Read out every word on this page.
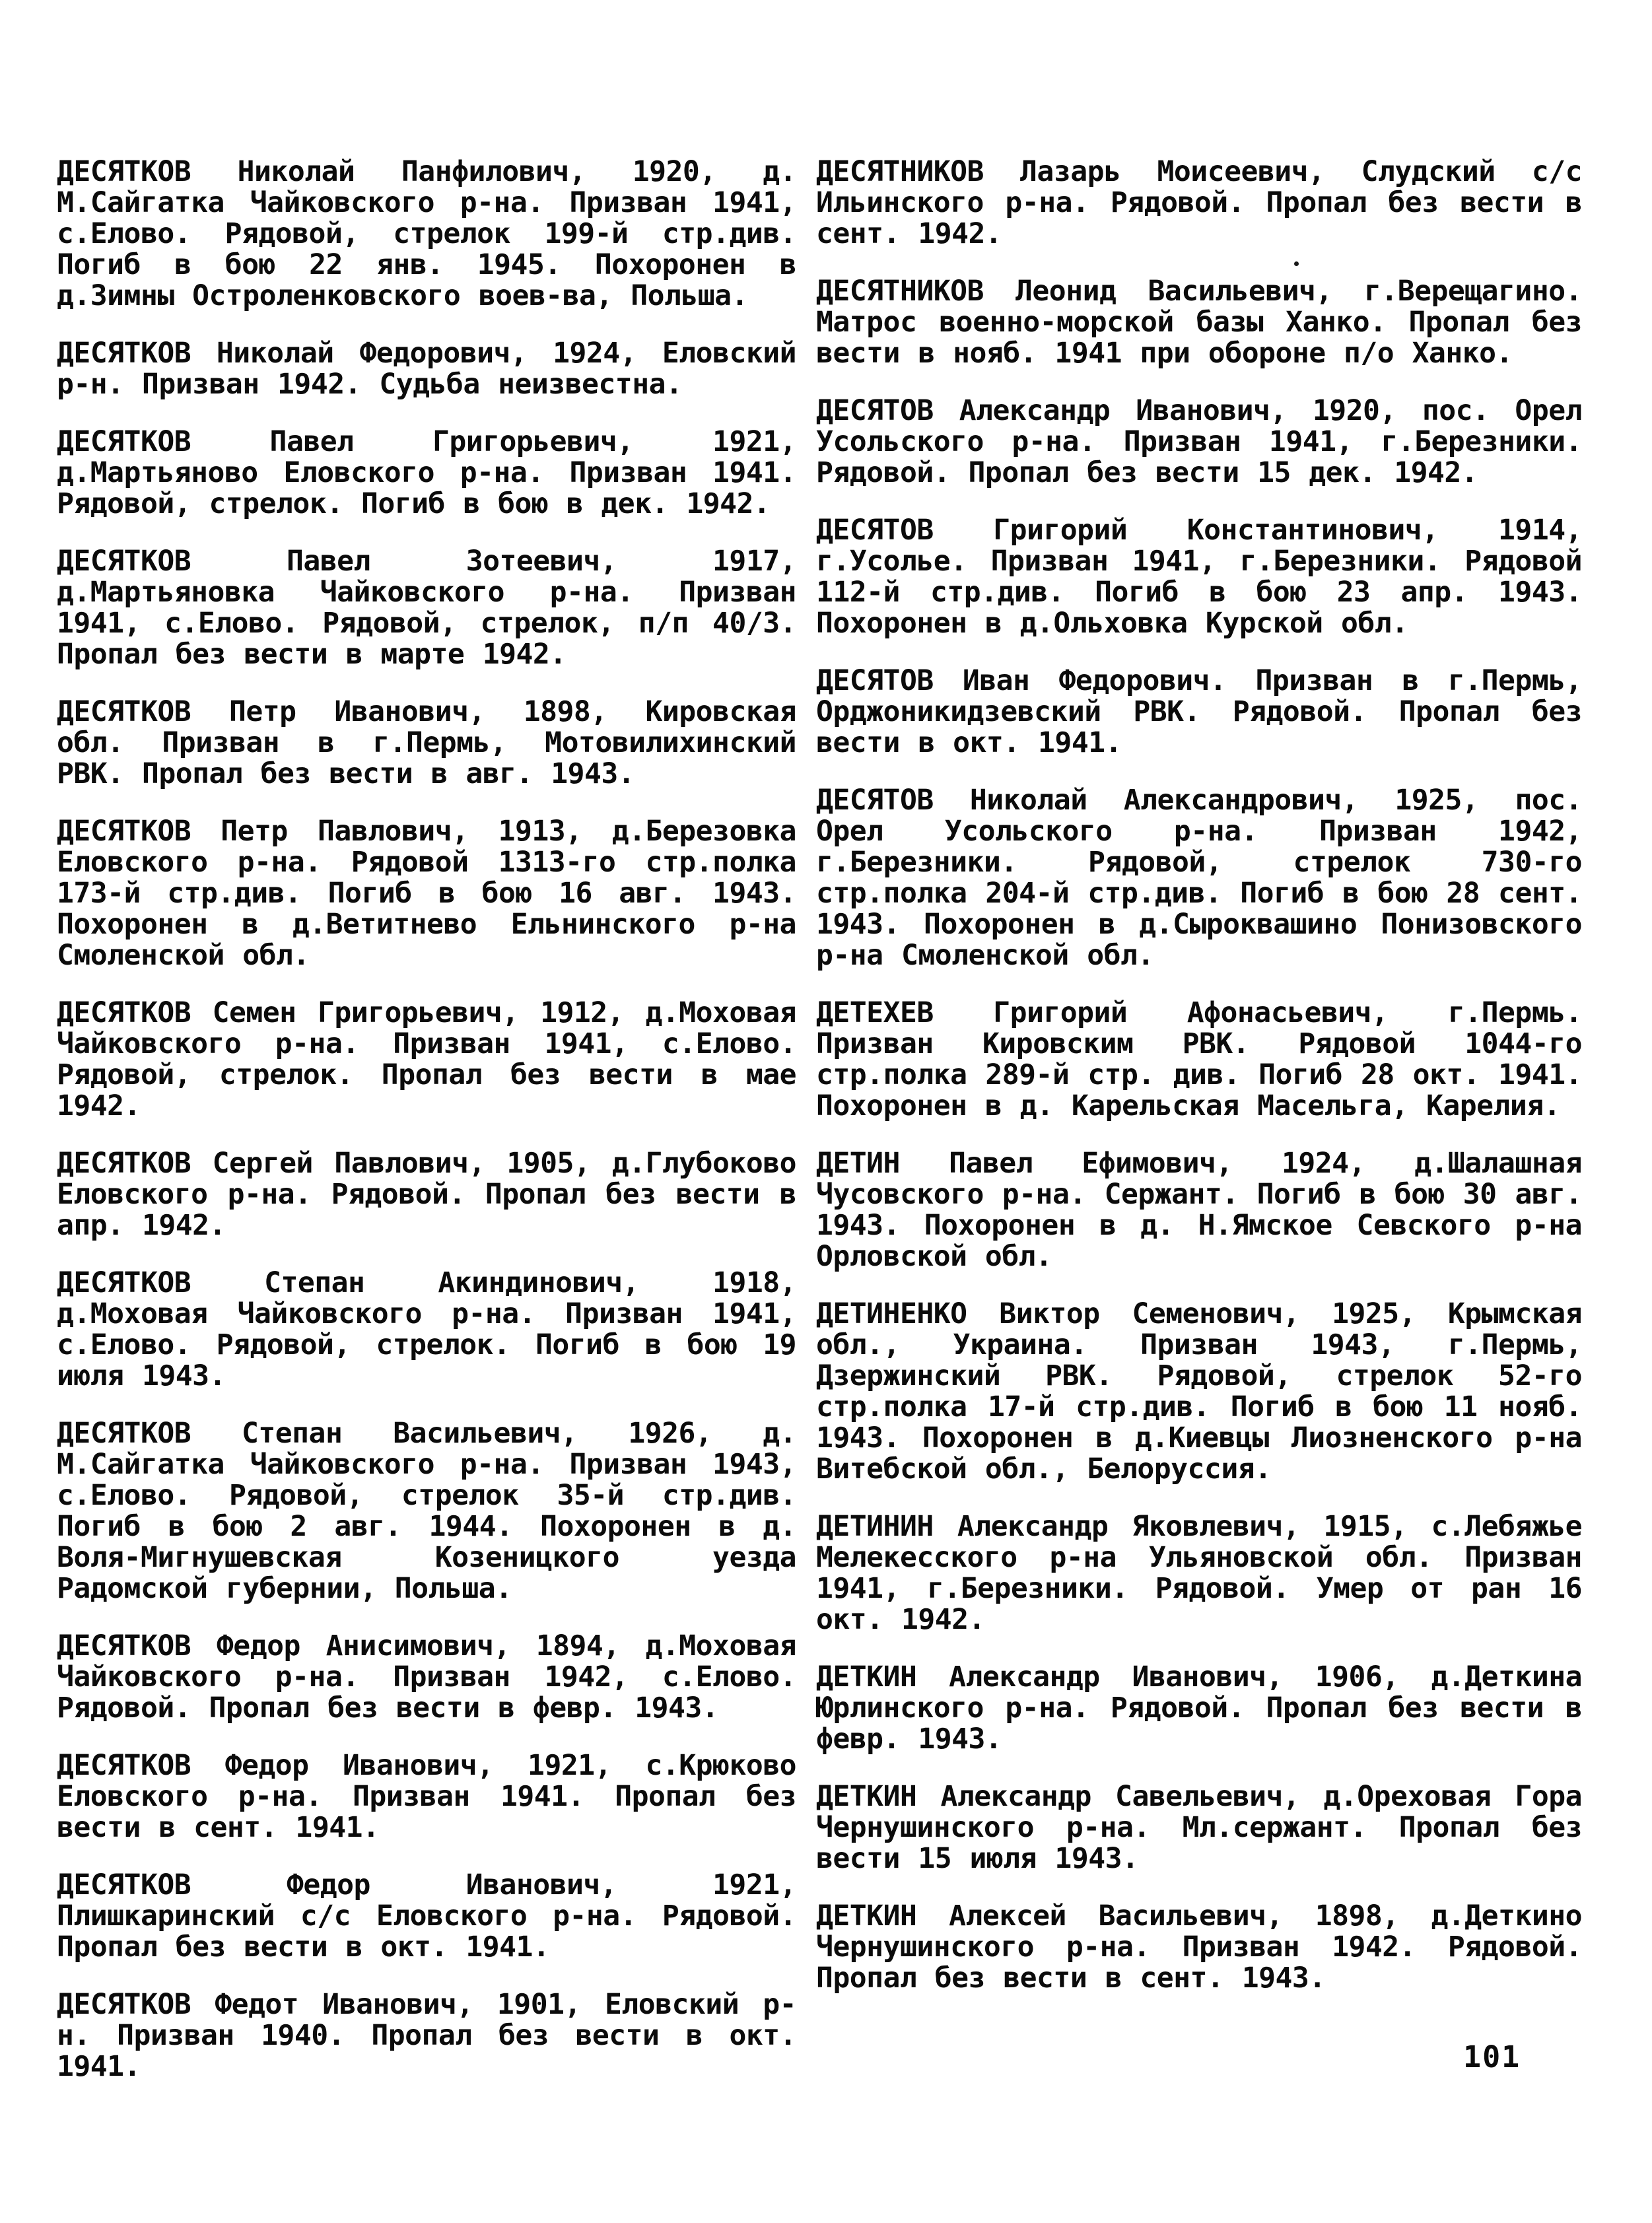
ДЕСЯТКОВ Николай Панфилович, 1920, д. М.Сайгатка Чайковского р-на. Призван 1941, с.Елово. Рядовой, стрелок 199-й стр.див. Погиб в бою 22 янв. 1945. Похоронен в д.Зимны Остроленковского воев-ва, Польша.

ДЕСЯТКОВ Николай Федорович, 1924, Еловский р-н. Призван 1942. Судьба неизвестна.

ДЕСЯТКОВ Павел Григорьевич, 1921, д.Мартьяново Еловского р-на. Призван 1941. Рядовой, стрелок. Погиб в бою в дек. 1942.

ДЕСЯТКОВ Павел Зотеевич, 1917, д.Мартьяновка Чайковского р-на. Призван 1941, с.Елово. Рядовой, стрелок, п/п 40/3. Пропал без вести в марте 1942.

ДЕСЯТКОВ Петр Иванович, 1898, Кировская обл. Призван в г.Пермь, Мотовилихинский РВК. Пропал без вести в авг. 1943.

ДЕСЯТКОВ Петр Павлович, 1913, д.Березовка Еловского р-на. Рядовой 1313-го стр.полка 173-й стр.див. Погиб в бою 16 авг. 1943. Похоронен в д.Ветитнево Ельнинского р-на Смоленской обл.

ДЕСЯТКОВ Семен Григорьевич, 1912, д.Моховая Чайковского р-на. Призван 1941, с.Елово. Рядовой, стрелок. Пропал без вести в мае 1942.

ДЕСЯТКОВ Сергей Павлович, 1905, д.Глубоково Еловского р-на. Рядовой. Пропал без вести в апр. 1942.

ДЕСЯТКОВ Степан Акиндинович, 1918, д.Моховая Чайковского р-на. Призван 1941, с.Елово. Рядовой, стрелок. Погиб в бою 19 июля 1943.

ДЕСЯТКОВ Степан Васильевич, 1926, д. М.Сайгатка Чайковского р-на. Призван 1943, с.Елово. Рядовой, стрелок 35-й стр.див. Погиб в бою 2 авг. 1944. Похоронен в д. Воля-Мигнушевская Козеницкого уезда Радомской губернии, Польша.

ДЕСЯТКОВ Федор Анисимович, 1894, д.Моховая Чайковского р-на. Призван 1942, с.Елово. Рядовой. Пропал без вести в февр. 1943.

ДЕСЯТКОВ Федор Иванович, 1921, с.Крюково Еловского р-на. Призван 1941. Пропал без вести в сент. 1941.

ДЕСЯТКОВ Федор Иванович, 1921, Плишкаринский с/с Еловского р-на. Рядовой. Пропал без вести в окт. 1941.

ДЕСЯТКОВ Федот Иванович, 1901, Еловский р-н. Призван 1940. Пропал без вести в окт. 1941.

ДЕСЯТНИКОВ Лазарь Моисеевич, Слудский с/с Ильинского р-на. Рядовой. Пропал без вести в сент. 1942.

ДЕСЯТНИКОВ Леонид Васильевич, г.Верещагино. Матрос военно-морской базы Ханко. Пропал без вести в нояб. 1941 при обороне п/о Ханко.

ДЕСЯТОВ Александр Иванович, 1920, пос. Орел Усольского р-на. Призван 1941, г.Березники. Рядовой. Пропал без вести 15 дек. 1942.

ДЕСЯТОВ Григорий Константинович, 1914, г.Усолье. Призван 1941, г.Березники. Рядовой 112-й стр.див. Погиб в бою 23 апр. 1943. Похоронен в д.Ольховка Курской обл.

ДЕСЯТОВ Иван Федорович. Призван в г.Пермь, Орджоникидзевский РВК. Рядовой. Пропал без вести в окт. 1941.

ДЕСЯТОВ Николай Александрович, 1925, пос. Орел Усольского р-на. Призван 1942, г.Березники. Рядовой, стрелок 730-го стр.полка 204-й стр.див. Погиб в бою 28 сент. 1943. Похоронен в д.Сыроквашино Понизовского р-на Смоленской обл.

ДЕТЕХЕВ Григорий Афонасьевич, г.Пермь. Призван Кировским РВК. Рядовой 1044-го стр.полка 289-й стр. див. Погиб 28 окт. 1941. Похоронен в д. Карельская Масельга, Карелия.

ДЕТИН Павел Ефимович, 1924, д.Шалашная Чусовского р-на. Сержант. Погиб в бою 30 авг. 1943. Похоронен в д. Н.Ямское Севского р-на Орловской обл.

ДЕТИНЕНКО Виктор Семенович, 1925, Крымская обл., Украина. Призван 1943, г.Пермь, Дзержинский РВК. Рядовой, стрелок 52-го стр.полка 17-й стр.див. Погиб в бою 11 нояб. 1943. Похоронен в д.Киевцы Лиозненского р-на Витебской обл., Белоруссия.

ДЕТИНИН Александр Яковлевич, 1915, с.Лебяжье Мелекесского р-на Ульяновской обл. Призван 1941, г.Березники. Рядовой. Умер от ран 16 окт. 1942.

ДЕТКИН Александр Иванович, 1906, д.Деткина Юрлинского р-на. Рядовой. Пропал без вести в февр. 1943.

ДЕТКИН Александр Савельевич, д.Ореховая Гора Чернушинского р-на. Мл.сержант. Пропал без вести 15 июля 1943.

ДЕТКИН Алексей Васильевич, 1898, д.Деткино Чернушинского р-на. Призван 1942. Рядовой. Пропал без вести в сент. 1943.

101
